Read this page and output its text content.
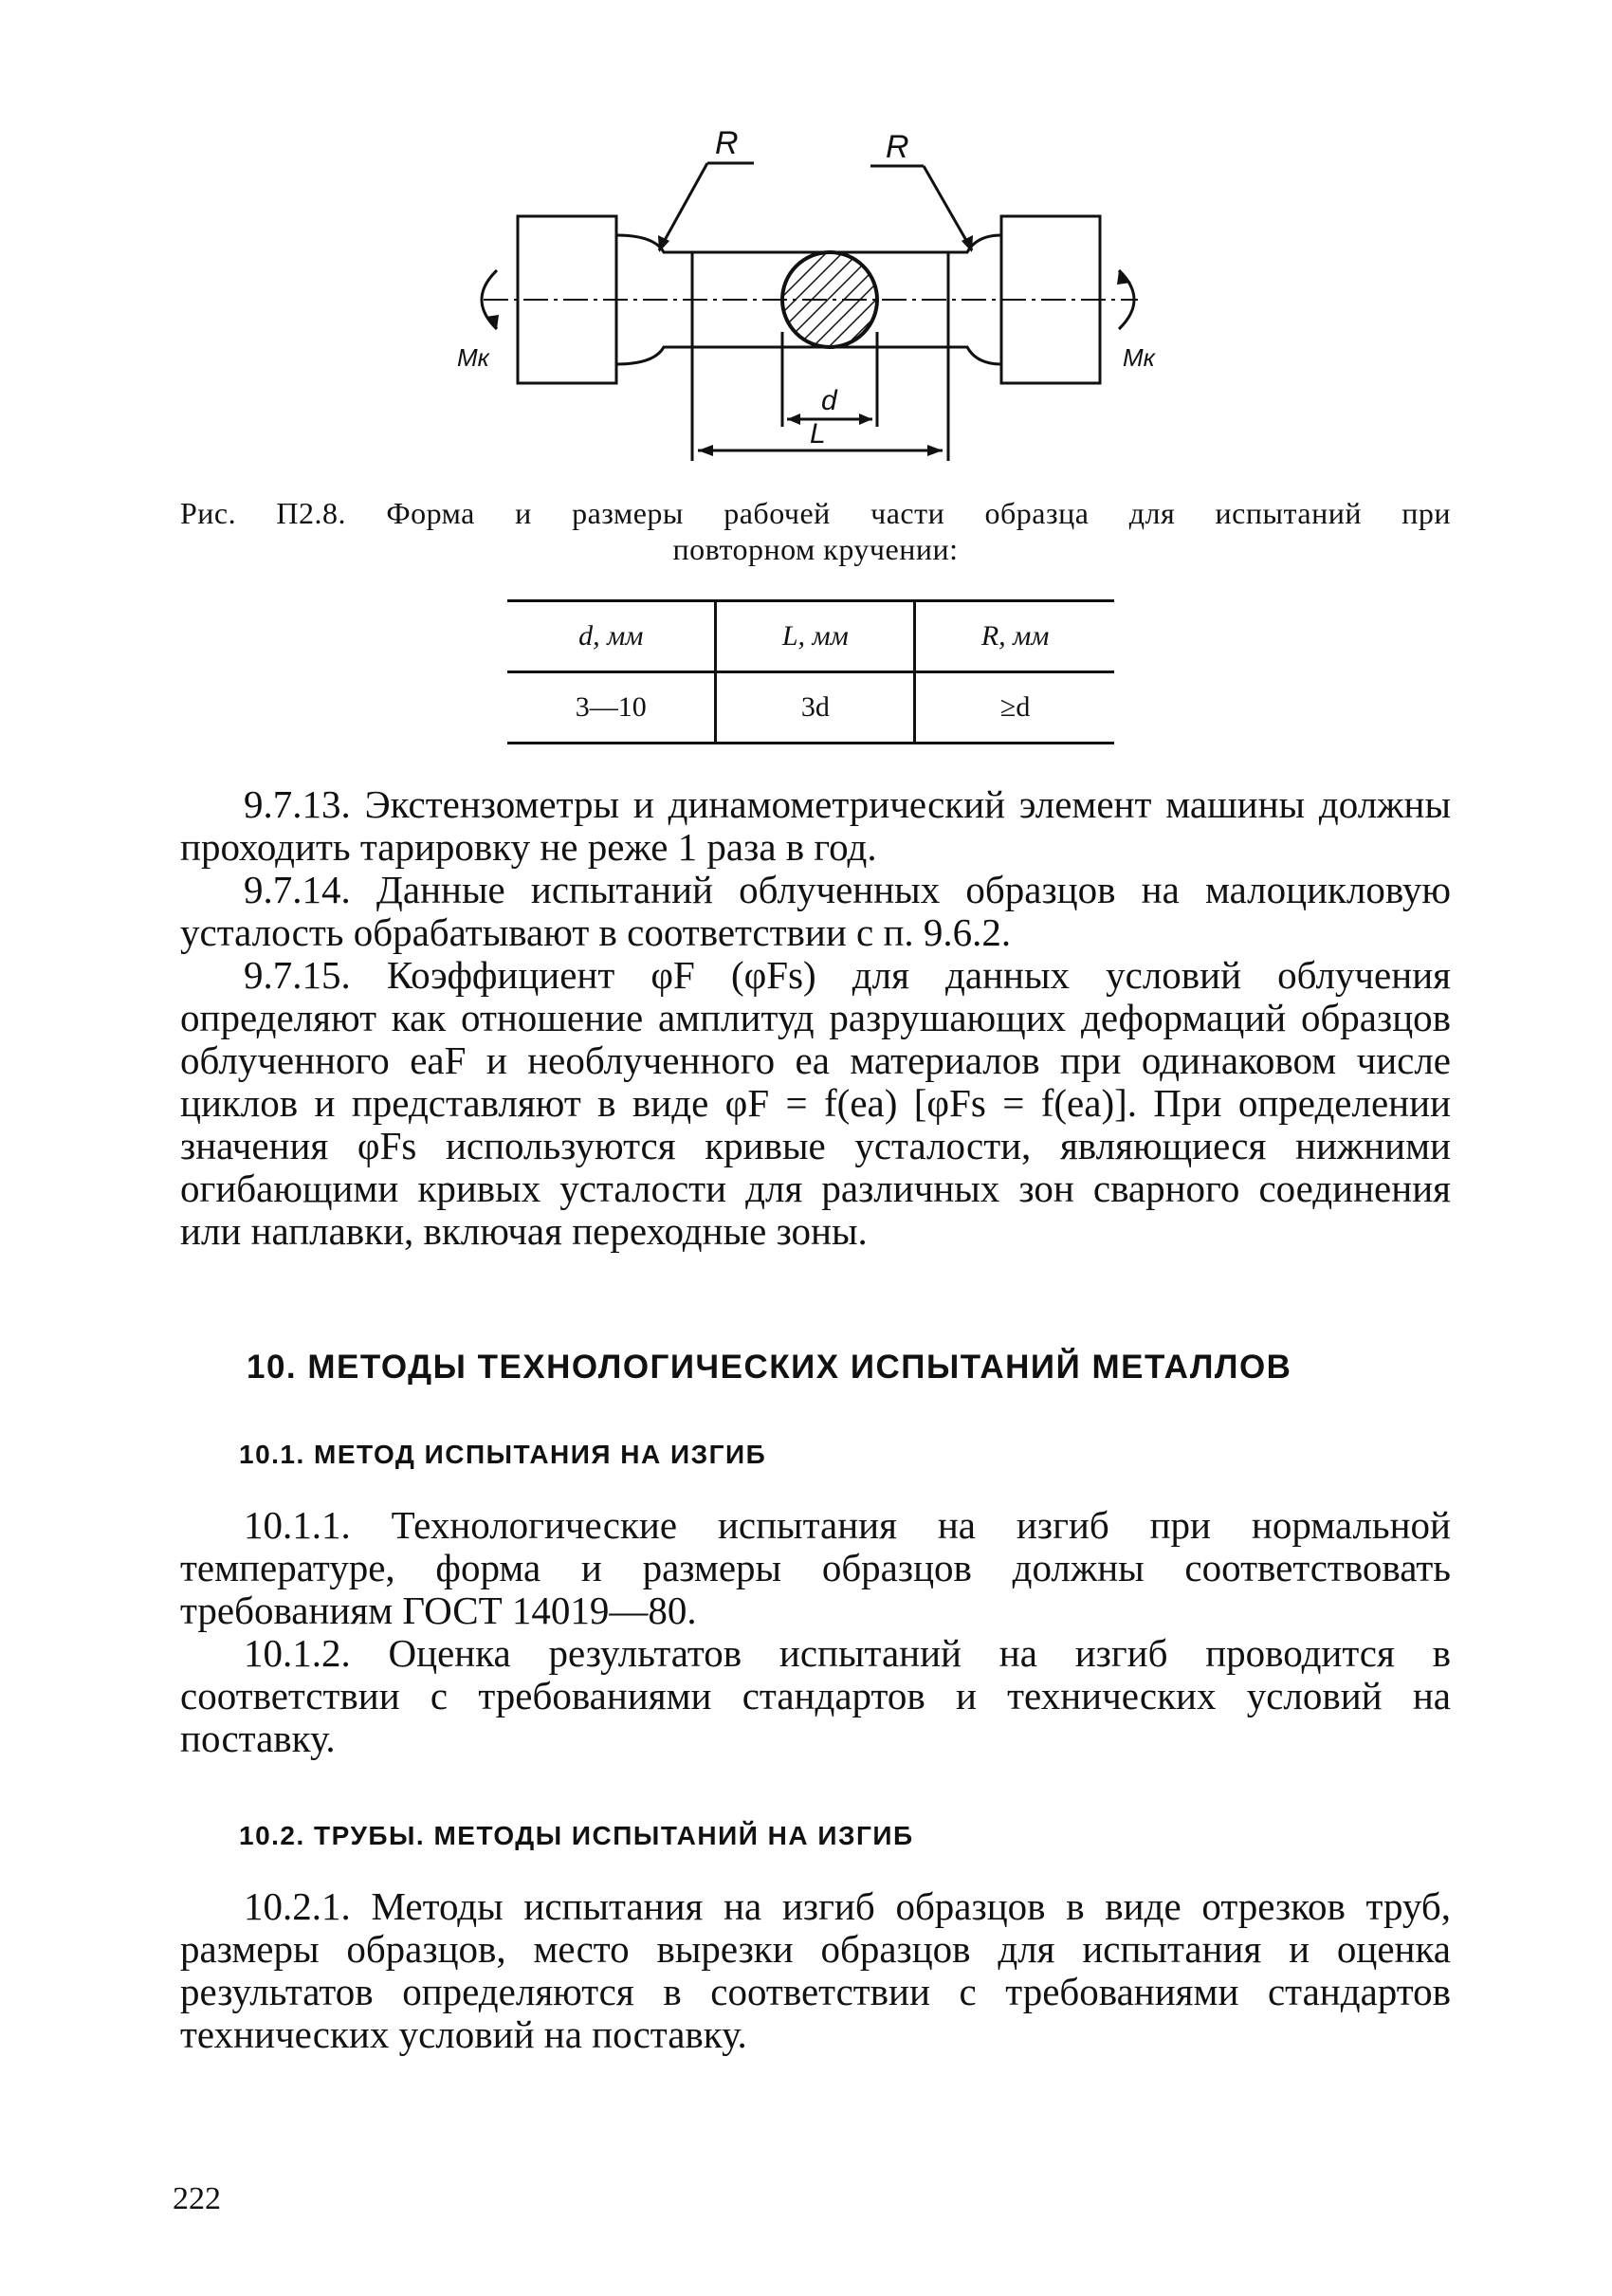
R	R
Mк	Mк
d
L
Рис. П2.8. Форма и размеры рабочей части образца для испытаний при
повторном кручении:
d, мм	L, мм	R, мм
3—10	3d	≥d

9.7.13. Экстензометры и динамометрический элемент машины должны проходить тарировку не реже 1 раза в год.

9.7.14. Данные испытаний облученных образцов на малоцикловую усталость обрабатывают в соответствии с п. 9.6.2.

9.7.15. Коэффициент φF (φFs) для данных условий облучения определяют как отношение амплитуд разрушающих деформаций образцов облученного eaF и необлученного ea материалов при одинаковом числе циклов и представляют в виде φF = f(ea) [φFs = f(ea)]. При определении значения φFs используются кривые усталости, являющиеся нижними огибающими кривых усталости для различных зон сварного соединения или наплавки, включая переходные зоны.

10. МЕТОДЫ ТЕХНОЛОГИЧЕСКИХ ИСПЫТАНИЙ МЕТАЛЛОВ
10.1. МЕТОД ИСПЫТАНИЯ НА ИЗГИБ

10.1.1. Технологические испытания на изгиб при нормальной температуре, форма и размеры образцов должны соответствовать требованиям ГОСТ 14019—80.

10.1.2. Оценка результатов испытаний на изгиб проводится в соответствии с требованиями стандартов и технических условий на поставку.

10.2. ТРУБЫ. МЕТОДЫ ИСПЫТАНИЙ НА ИЗГИБ

10.2.1. Методы испытания на изгиб образцов в виде отрезков труб, размеры образцов, место вырезки образцов для испытания и оценка результатов определяются в соответствии с требованиями стандартов технических условий на поставку.

222
